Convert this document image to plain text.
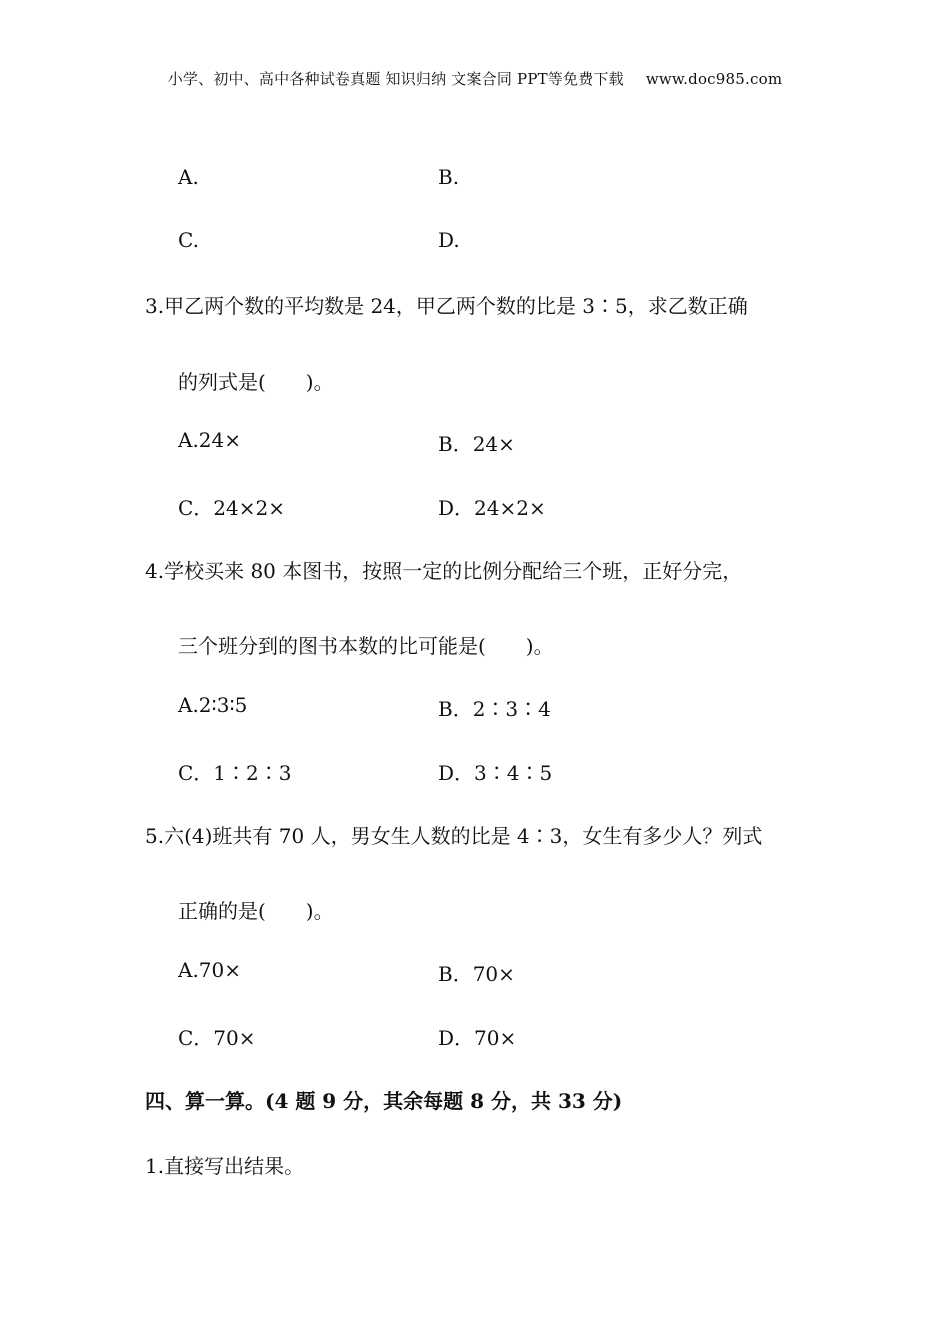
小学、初中、高中各种试卷真题 知识归纳 文案合同 PPT等免费下载 www.doc985.com
A.	B.
C.	D.
3.甲乙两个数的平均数是 24，甲乙两个数的比是 3∶5，求乙数正确
的列式是(　　)。
A.24×	B．24×
C．24×2×	D．24×2×
4.学校买来 80 本图书，按照一定的比例分配给三个班，正好分完，
三个班分到的图书本数的比可能是(　　)。
A.2∶3∶5	B．2∶3∶4
C．1∶2∶3	D．3∶4∶5
5.六(4)班共有 70 人，男女生人数的比是 4∶3，女生有多少人？列式
正确的是(　　)。
A.70×	B．70×
C．70×	D．70×
四、算一算。(4 题 9 分，其余每题 8 分，共 33 分)
1.直接写出结果。
